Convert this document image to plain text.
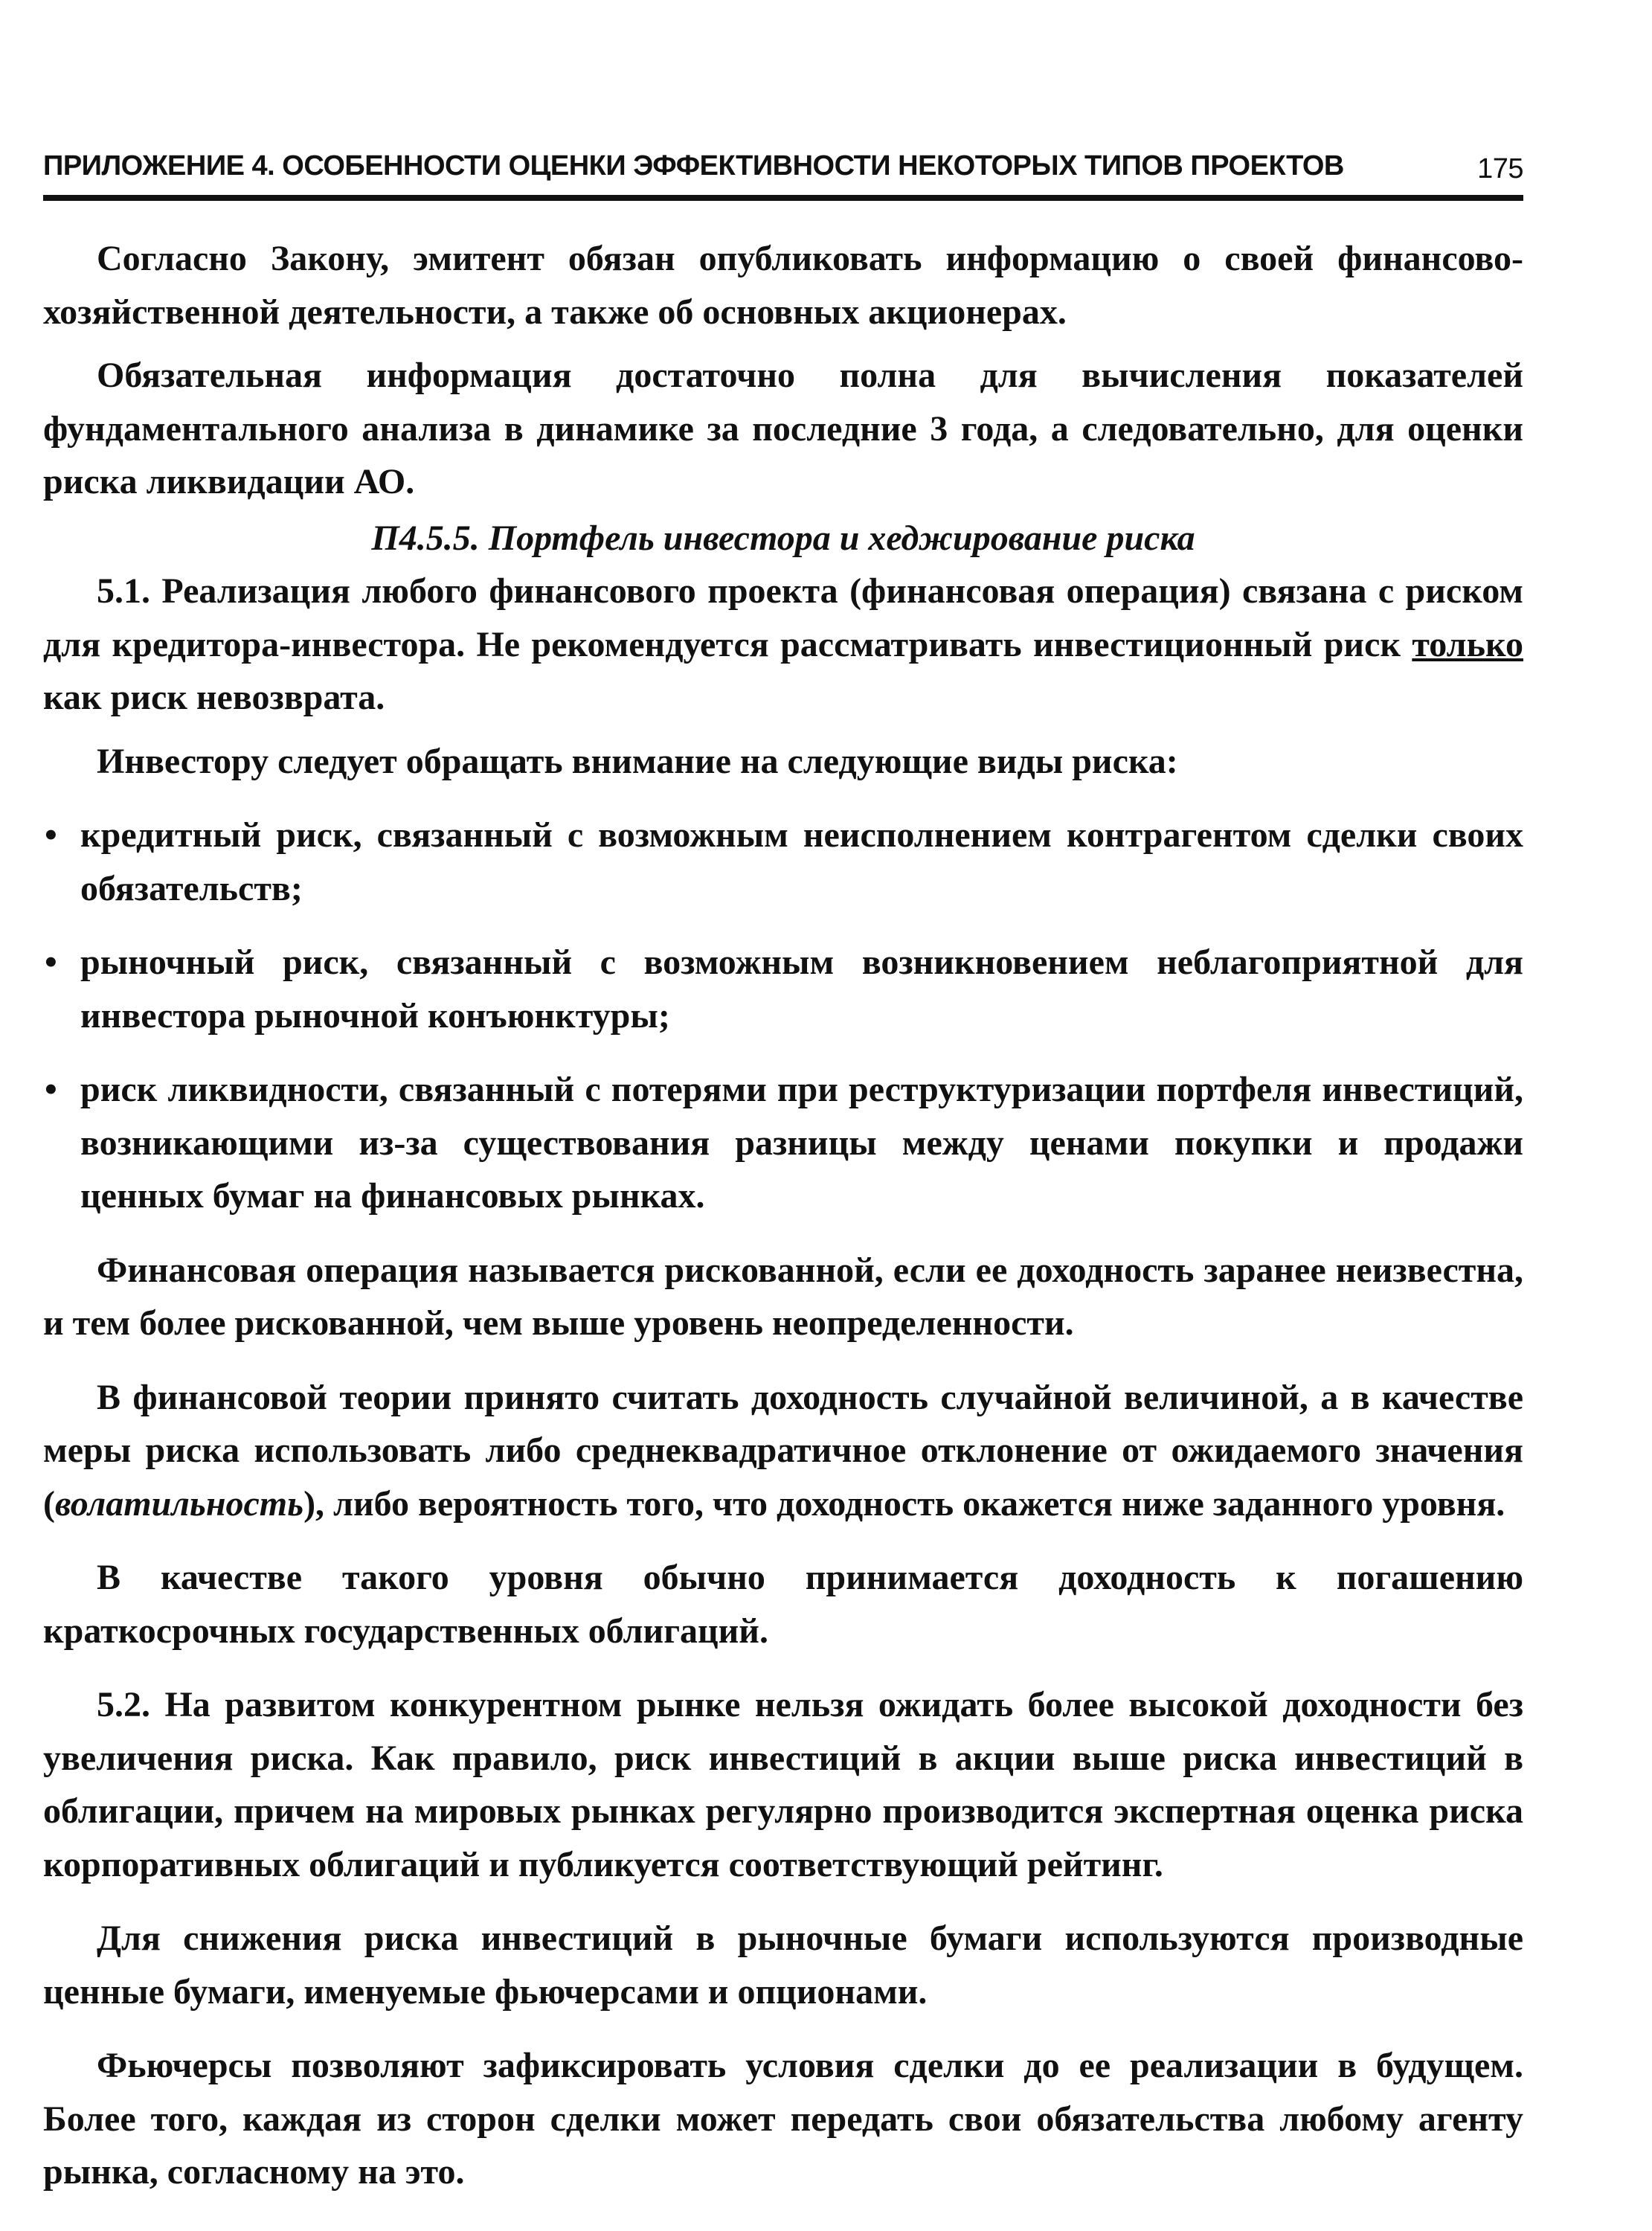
ПРИЛОЖЕНИЕ 4. ОСОБЕННОСТИ ОЦЕНКИ ЭФФЕКТИВНОСТИ НЕКОТОРЫХ ТИПОВ ПРОЕКТОВ	175

Согласно Закону, эмитент обязан опубликовать информацию о своей финансово-хозяйственной деятельности, а также об основных акционерах.

Обязательная информация достаточно полна для вычисления показателей фундаментального анализа в динамике за последние 3 года, а следовательно, для оценки риска ликвидации АО.

П4.5.5. Портфель инвестора и хеджирование риска

5.1. Реализация любого финансового проекта (финансовая операция) связана с риском для кредитора-инвестора. Не рекомендуется рассматривать инвестиционный риск только как риск невозврата.

Инвестору следует обращать внимание на следующие виды риска:

кредитный риск, связанный с возможным неисполнением контрагентом сделки своих обязательств;
рыночный риск, связанный с возможным возникновением неблагоприятной для инвестора рыночной конъюнктуры;
риск ликвидности, связанный с потерями при реструктуризации портфеля инвестиций, возникающими из-за существования разницы между ценами покупки и продажи ценных бумаг на финансовых рынках.

Финансовая операция называется рискованной, если ее доходность заранее неизвестна, и тем более рискованной, чем выше уровень неопределенности.

В финансовой теории принято считать доходность случайной величиной, а в качестве меры риска использовать либо среднеквадратичное отклонение от ожидаемого значения (волатильность), либо вероятность того, что доходность окажется ниже заданного уровня.

В качестве такого уровня обычно принимается доходность к погашению краткосрочных государственных облигаций.

5.2. На развитом конкурентном рынке нельзя ожидать более высокой доходности без увеличения риска. Как правило, риск инвестиций в акции выше риска инвестиций в облигации, причем на мировых рынках регулярно производится экспертная оценка риска корпоративных облигаций и публикуется соответствующий рейтинг.

Для снижения риска инвестиций в рыночные бумаги используются производные ценные бумаги, именуемые фьючерсами и опционами.

Фьючерсы позволяют зафиксировать условия сделки до ее реализации в будущем. Более того, каждая из сторон сделки может передать свои обязательства любому агенту рынка, согласному на это.
